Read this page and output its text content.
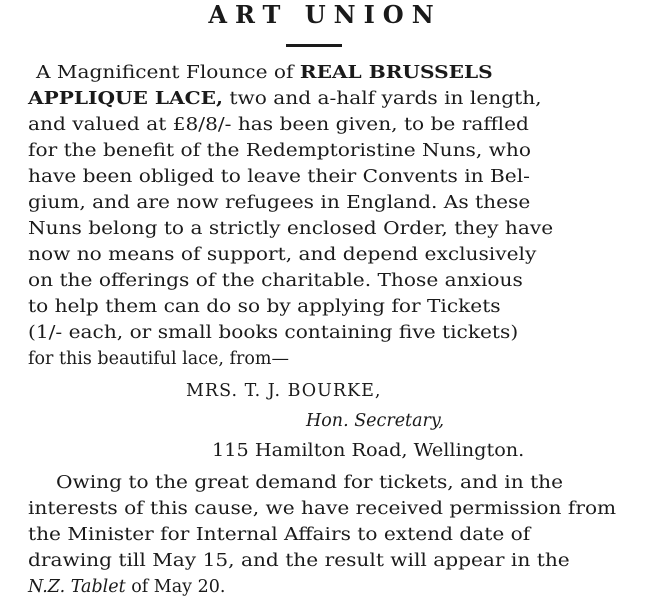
ART UNION
A Magnificent Flounce of REAL BRUSSELS
APPLIQUE LACE, two and a-half yards in length,
and valued at £8/8/- has been given, to be raffled
for the benefit of the Redemptoristine Nuns, who
have been obliged to leave their Convents in Bel-
gium, and are now refugees in England. As these
Nuns belong to a strictly enclosed Order, they have
now no means of support, and depend exclusively
on the offerings of the charitable. Those anxious
to help them can do so by applying for Tickets
(1/- each, or small books containing five tickets)
for this beautiful lace, from—
MRS. T. J. BOURKE,
Hon. Secretary,
115 Hamilton Road, Wellington.
Owing to the great demand for tickets, and in the
interests of this cause, we have received permission from
the Minister for Internal Affairs to extend date of
drawing till May 15, and the result will appear in the
N.Z. Tablet of May 20.
